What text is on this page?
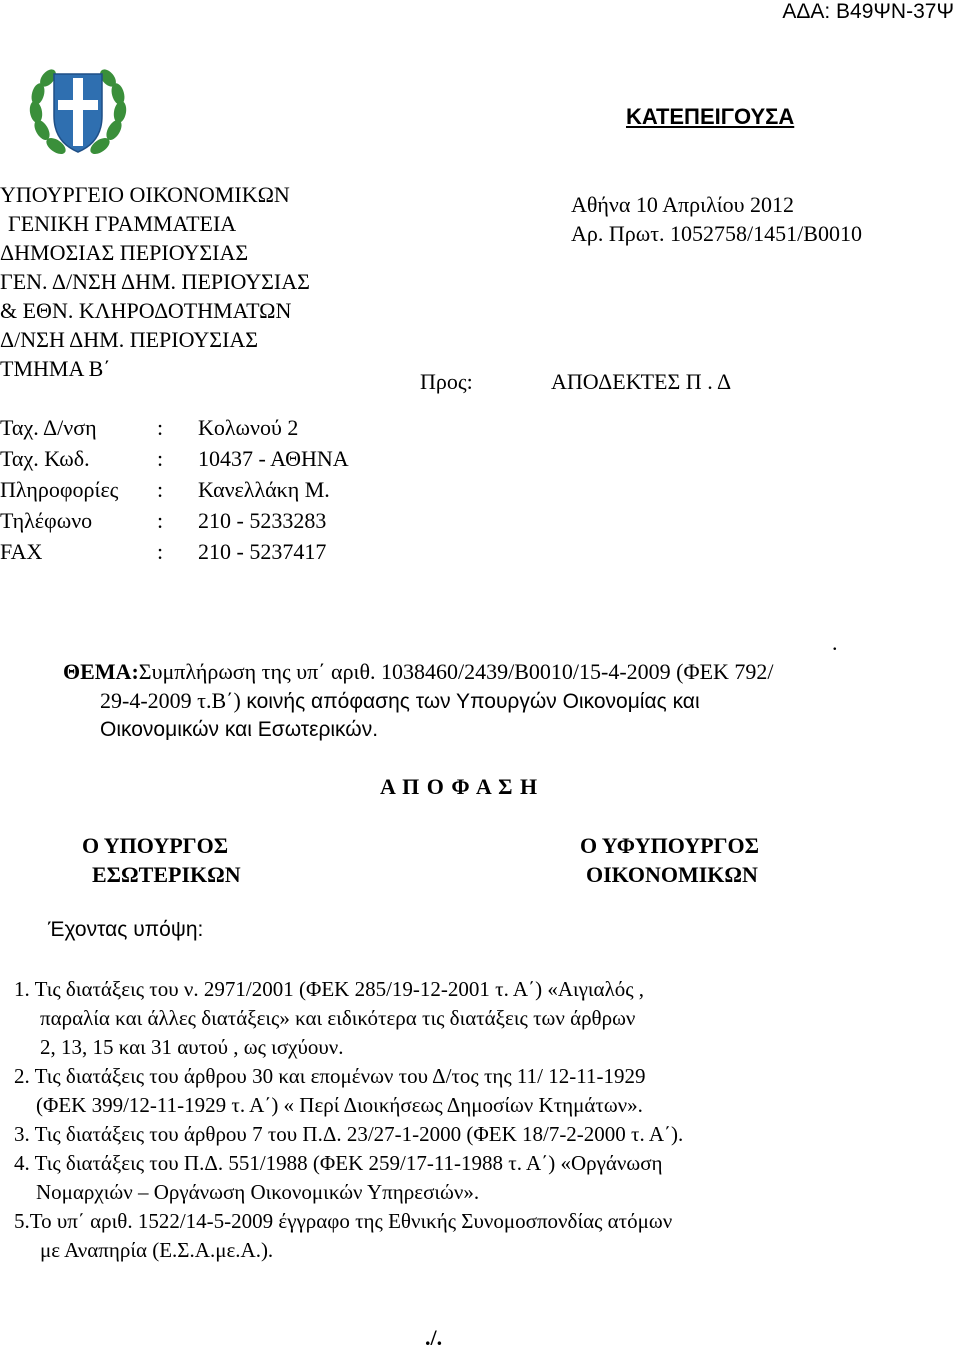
ΑΔΑ: Β49ΨΝ-37Ψ
ΚΑΤΕΠΕΙΓΟΥΣΑ
ΥΠΟΥΡΓΕΙΟ ΟΙΚΟΝΟΜΙΚΩΝ
ΓΕΝΙΚΗ ΓΡΑΜΜΑΤΕΙΑ
ΔΗΜΟΣΙΑΣ ΠΕΡΙΟΥΣΙΑΣ
ΓΕΝ. Δ/ΝΣΗ ΔΗΜ. ΠΕΡΙΟΥΣΙΑΣ
& ΕΘΝ. ΚΛΗΡΟΔΟΤΗΜΑΤΩΝ
Δ/ΝΣΗ ΔΗΜ. ΠΕΡΙΟΥΣΙΑΣ
ΤΜΗΜΑ Β΄
Αθήνα 10 Απριλίου 2012
Αρ. Πρωτ. 1052758/1451/Β0010
Προς:	ΑΠΟΔΕΚΤΕΣ Π . Δ
Ταχ. Δ/νση	: Κολωνού 2
Ταχ. Κωδ.	: 10437 - ΑΘΗΝΑ
Πληροφορίες : Κανελλάκη Μ.
Τηλέφωνο	: 210 - 5233283
FAX	: 210 - 5237417
.
ΘΕΜΑ:Συμπλήρωση της υπ΄ αριθ. 1038460/2439/Β0010/15-4-2009 (ΦΕΚ 792/
29-4-2009 τ.Β΄) κοινής απόφασης των Υπουργών Οικονομίας και
Οικονομικών και Εσωτερικών.
Α Π Ο Φ Α Σ Η
Ο ΥΠΟΥΡΓΟΣ
ΕΣΩΤΕΡΙΚΩΝ
Ο ΥΦΥΠΟΥΡΓΟΣ
ΟΙΚΟΝΟΜΙΚΩΝ
Έχοντας υπόψη:
1. Τις διατάξεις του ν. 2971/2001 (ΦΕΚ 285/19-12-2001 τ. Α΄) «Αιγιαλός ,
παραλία και άλλες διατάξεις» και ειδικότερα τις διατάξεις των άρθρων
2, 13, 15 και 31 αυτού , ως ισχύουν.
2. Τις διατάξεις του άρθρου 30 και επομένων του Δ/τος της 11/ 12-11-1929
(ΦΕΚ 399/12-11-1929 τ. Α΄) « Περί Διοικήσεως Δημοσίων Κτημάτων».
3. Τις διατάξεις του άρθρου 7 του Π.Δ. 23/27-1-2000 (ΦΕΚ 18/7-2-2000 τ. Α΄).
4. Τις διατάξεις του Π.Δ. 551/1988 (ΦΕΚ 259/17-11-1988 τ. Α΄) «Οργάνωση
Νομαρχιών – Οργάνωση Οικονομικών Υπηρεσιών».
5.Το υπ΄ αριθ. 1522/14-5-2009 έγγραφο της Εθνικής Συνομοσπονδίας ατόμων
με Αναπηρία (Ε.Σ.Α.με.Α.).
./.
